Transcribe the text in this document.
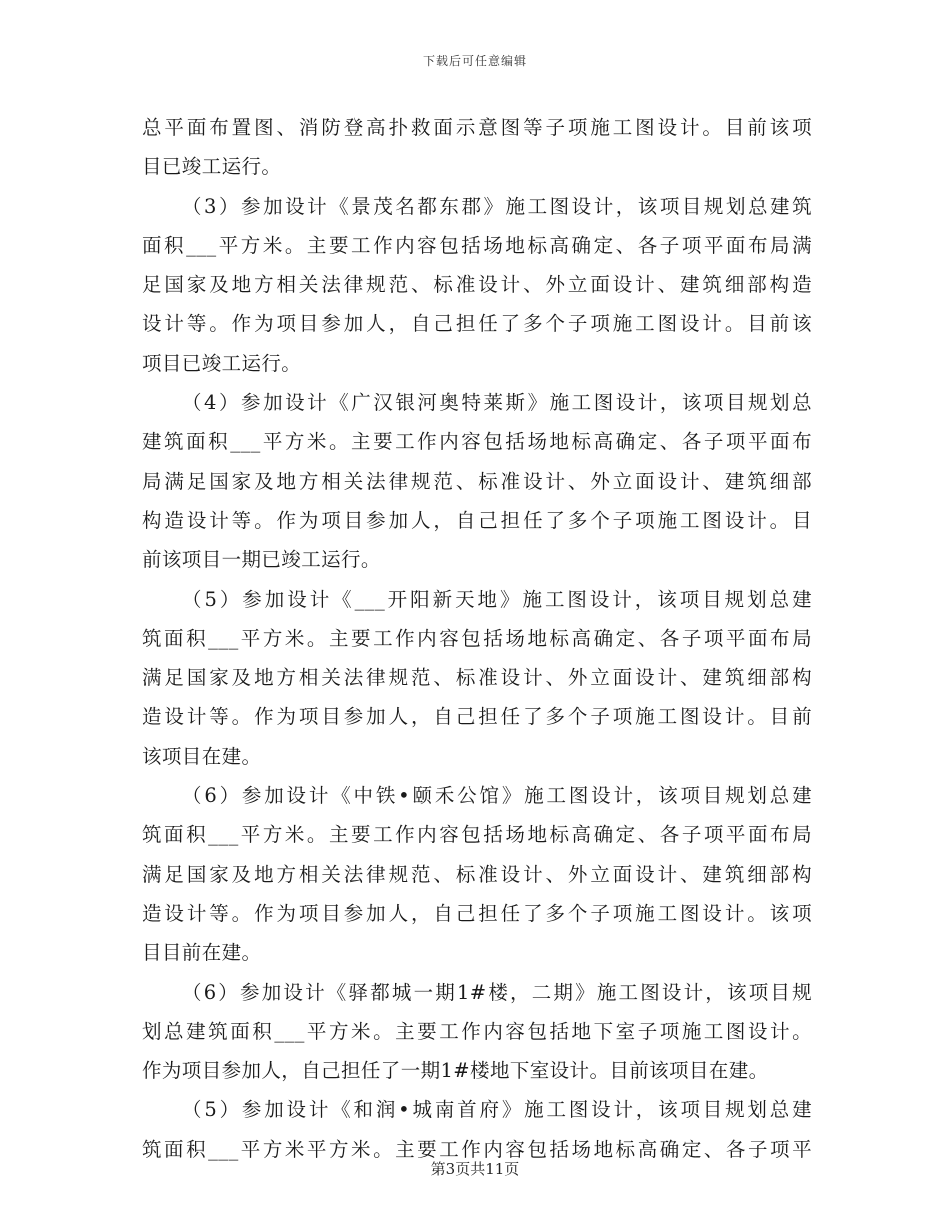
下载后可任意编辑
总平面布置图、消防登高扑救面示意图等子项施工图设计。目前该项
目已竣工运行。
（3）参加设计《景茂名都东郡》施工图设计，该项目规划总建筑
面积___平方米。主要工作内容包括场地标高确定、各子项平面布局满
足国家及地方相关法律规范、标准设计、外立面设计、建筑细部构造
设计等。作为项目参加人，自己担任了多个子项施工图设计。目前该
项目已竣工运行。
（4）参加设计《广汉银河奥特莱斯》施工图设计，该项目规划总
建筑面积___平方米。主要工作内容包括场地标高确定、各子项平面布
局满足国家及地方相关法律规范、标准设计、外立面设计、建筑细部
构造设计等。作为项目参加人，自己担任了多个子项施工图设计。目
前该项目一期已竣工运行。
（5）参加设计《___开阳新天地》施工图设计，该项目规划总建
筑面积___平方米。主要工作内容包括场地标高确定、各子项平面布局
满足国家及地方相关法律规范、标准设计、外立面设计、建筑细部构
造设计等。作为项目参加人，自己担任了多个子项施工图设计。目前
该项目在建。
（6）参加设计《中铁•颐禾公馆》施工图设计，该项目规划总建
筑面积___平方米。主要工作内容包括场地标高确定、各子项平面布局
满足国家及地方相关法律规范、标准设计、外立面设计、建筑细部构
造设计等。作为项目参加人，自己担任了多个子项施工图设计。该项
目目前在建。
（6）参加设计《驿都城一期1#楼，二期》施工图设计，该项目规
划总建筑面积___平方米。主要工作内容包括地下室子项施工图设计。
作为项目参加人，自己担任了一期1#楼地下室设计。目前该项目在建。
（5）参加设计《和润•城南首府》施工图设计，该项目规划总建
筑面积___平方米平方米。主要工作内容包括场地标高确定、各子项平
第3页共11页
